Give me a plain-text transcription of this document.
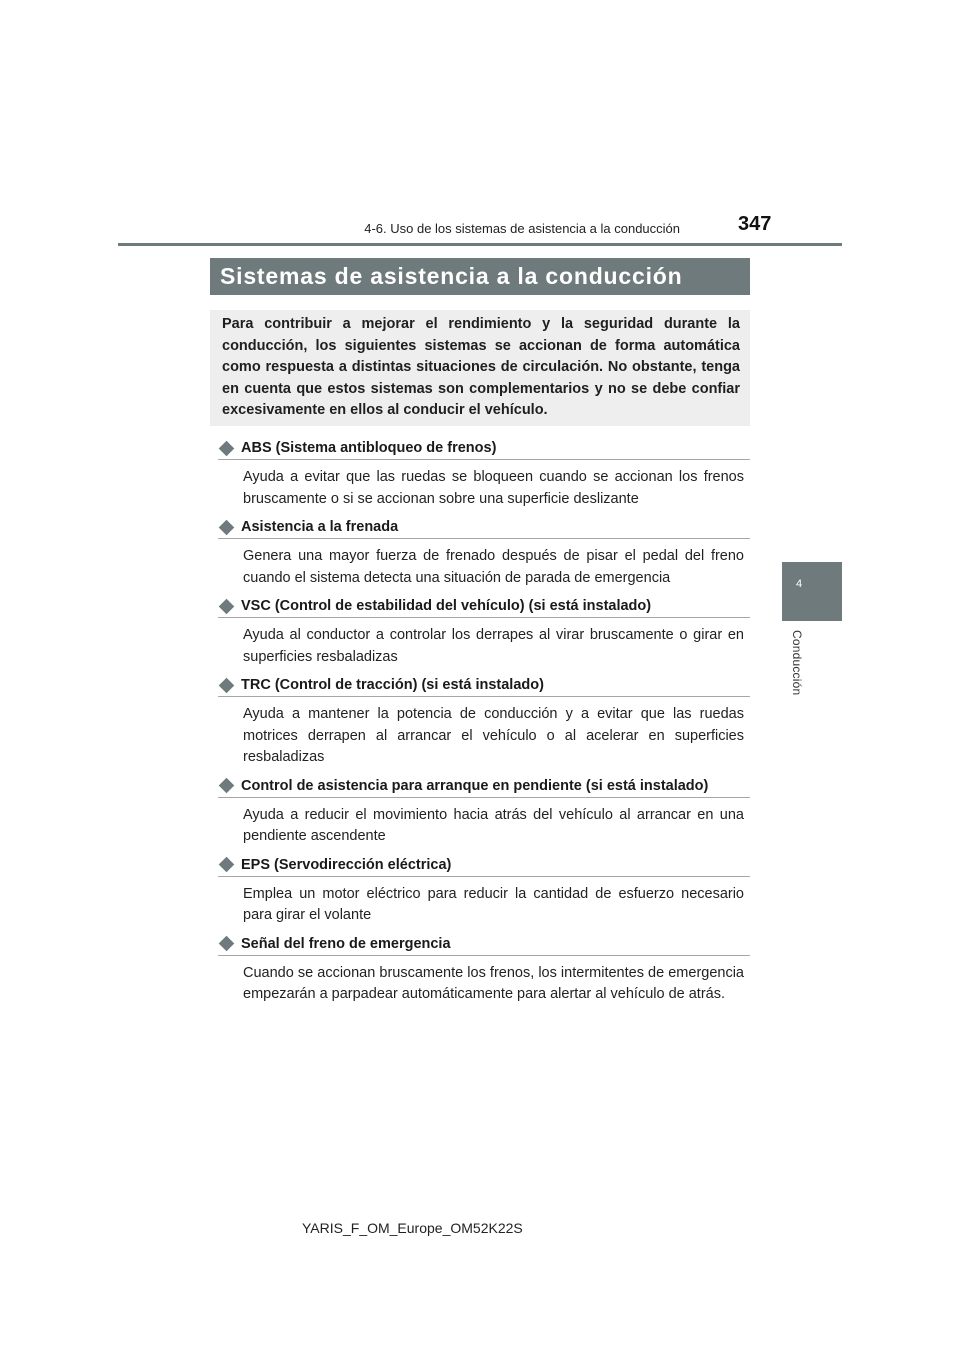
4-6. Uso de los sistemas de asistencia a la conducción	347
4
Conducción
Sistemas de asistencia a la conducción

Para contribuir a mejorar el rendimiento y la seguridad durante la conducción, los siguientes sistemas se accionan de forma automática como respuesta a distintas situaciones de circulación. No obstante, tenga en cuenta que estos sistemas son complementarios y no se debe confiar excesivamente en ellos al conducir el vehículo.

ABS (Sistema antibloqueo de frenos)
Ayuda a evitar que las ruedas se bloqueen cuando se accionan los frenos bruscamente o si se accionan sobre una superficie deslizante
Asistencia a la frenada
Genera una mayor fuerza de frenado después de pisar el pedal del freno cuando el sistema detecta una situación de parada de emergencia
VSC (Control de estabilidad del vehículo) (si está instalado)
Ayuda al conductor a controlar los derrapes al virar bruscamente o girar en superficies resbaladizas
TRC (Control de tracción) (si está instalado)
Ayuda a mantener la potencia de conducción y a evitar que las ruedas motrices derrapen al arrancar el vehículo o al acelerar en superficies resbaladizas
Control de asistencia para arranque en pendiente (si está instalado)
Ayuda a reducir el movimiento hacia atrás del vehículo al arrancar en una pendiente ascendente
EPS (Servodirección eléctrica)
Emplea un motor eléctrico para reducir la cantidad de esfuerzo necesario para girar el volante
Señal del freno de emergencia
Cuando se accionan bruscamente los frenos, los intermitentes de emergencia empezarán a parpadear automáticamente para alertar al vehículo de atrás.
YARIS_F_OM_Europe_OM52K22S
